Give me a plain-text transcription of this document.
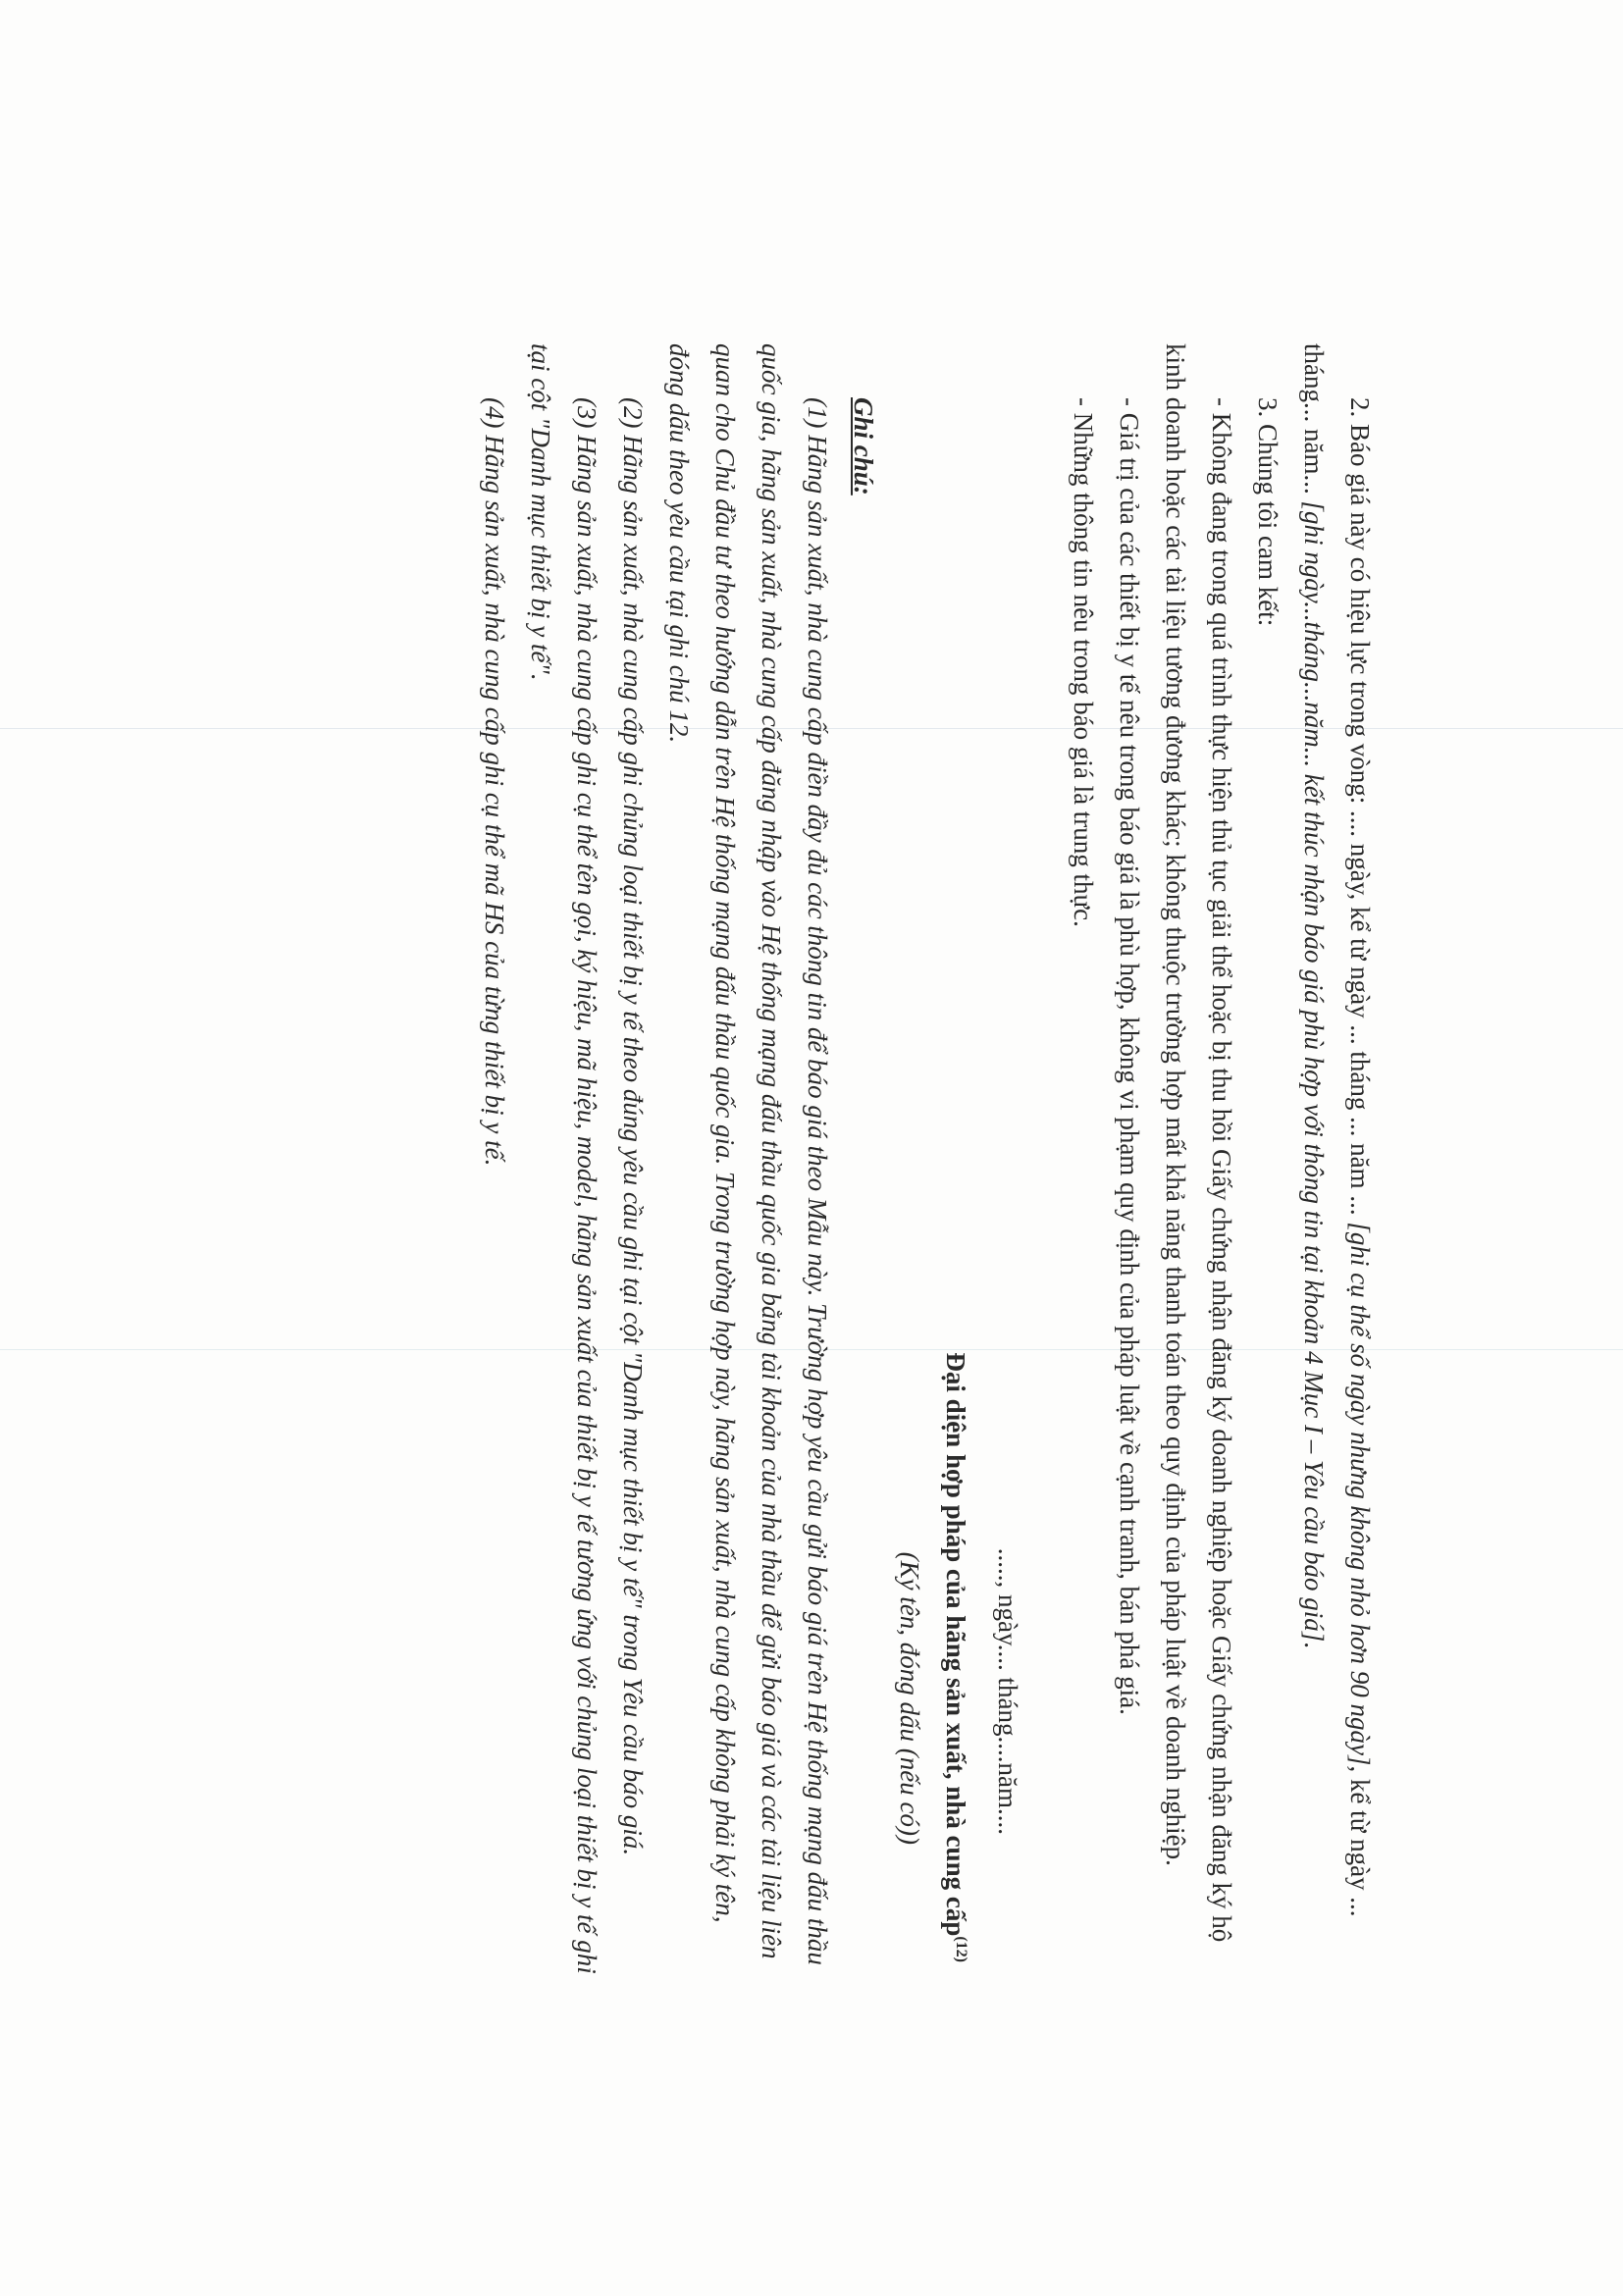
2. Báo giá này có hiệu lực trong vòng: .... ngày, kể từ ngày ... tháng ... năm ... [ghi cụ thể số ngày nhưng không nhỏ hơn 90 ngày], kể từ ngày ... tháng... năm... [ghi ngày...tháng...năm... kết thúc nhận báo giá phù hợp với thông tin tại khoản 4 Mục I – Yêu cầu báo giá].

3. Chúng tôi cam kết:

- Không đang trong quá trình thực hiện thủ tục giải thể hoặc bị thu hồi Giấy chứng nhận đăng ký doanh nghiệp hoặc Giấy chứng nhận đăng ký hộ kinh doanh hoặc các tài liệu tương đương khác; không thuộc trường hợp mất khả năng thanh toán theo quy định của pháp luật về doanh nghiệp.

- Giá trị của các thiết bị y tế nêu trong báo giá là phù hợp, không vi phạm quy định của pháp luật về cạnh tranh, bán phá giá.

- Những thông tin nêu trong báo giá là trung thực.

....., ngày.... tháng....năm....

Đại diện hợp pháp của hãng sản xuất, nhà cung cấp$^{(12)}$

(Ký tên, đóng dấu (nếu có))

Ghi chú:

(1) Hãng sản xuất, nhà cung cấp điền đầy đủ các thông tin để báo giá theo Mẫu này. Trường hợp yêu cầu gửi báo giá trên Hệ thống mạng đấu thầu quốc gia, hãng sản xuất, nhà cung cấp đăng nhập vào Hệ thống mạng đấu thầu quốc gia bằng tài khoản của nhà thầu để gửi báo giá và các tài liệu liên quan cho Chủ đầu tư theo hướng dẫn trên Hệ thống mạng đấu thầu quốc gia. Trong trường hợp này, hãng sản xuất, nhà cung cấp không phải ký tên, đóng dấu theo yêu cầu tại ghi chú 12.

(2) Hãng sản xuất, nhà cung cấp ghi chủng loại thiết bị y tế theo đúng yêu cầu ghi tại cột "Danh mục thiết bị y tế" trong Yêu cầu báo giá.

(3) Hãng sản xuất, nhà cung cấp ghi cụ thể tên gọi, ký hiệu, mã hiệu, model, hãng sản xuất của thiết bị y tế tương ứng với chủng loại thiết bị y tế ghi tại cột "Danh mục thiết bị y tế".

(4) Hãng sản xuất, nhà cung cấp ghi cụ thể mã HS của từng thiết bị y tế.
